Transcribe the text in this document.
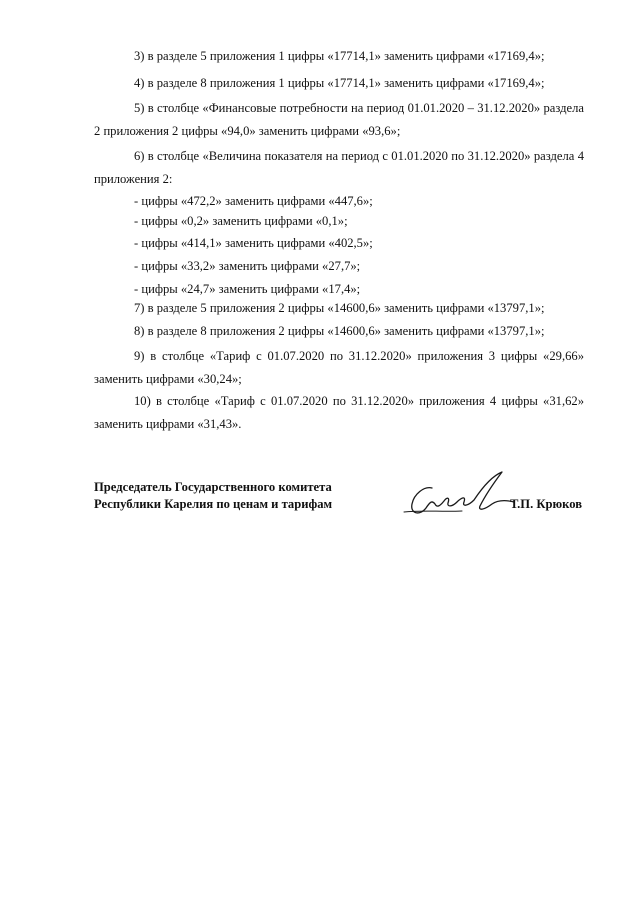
3) в разделе 5 приложения 1 цифры «17714,1» заменить цифрами «17169,4»;

4) в разделе 8 приложения 1 цифры «17714,1» заменить цифрами «17169,4»;

5) в столбце «Финансовые потребности на период 01.01.2020 – 31.12.2020» раздела 2 приложения 2 цифры «94,0» заменить цифрами «93,6»;

6) в столбце «Величина показателя на период с 01.01.2020 по 31.12.2020» раздела 4 приложения 2:

- цифры «472,2» заменить цифрами «447,6»;

- цифры «0,2» заменить цифрами «0,1»;

- цифры «414,1» заменить цифрами «402,5»;

- цифры «33,2» заменить цифрами «27,7»;

- цифры «24,7» заменить цифрами «17,4»;

7) в разделе 5 приложения 2 цифры «14600,6» заменить цифрами «13797,1»;

8) в разделе 8 приложения 2 цифры «14600,6» заменить цифрами «13797,1»;

9) в столбце «Тариф с 01.07.2020 по 31.12.2020» приложения 3 цифры «29,66» заменить цифрами «30,24»;

10) в столбце «Тариф с 01.07.2020 по 31.12.2020» приложения 4 цифры «31,62» заменить цифрами «31,43».

Председатель Государственного комитета
Республики Карелия по ценам и тарифам	Т.П. Крюков
